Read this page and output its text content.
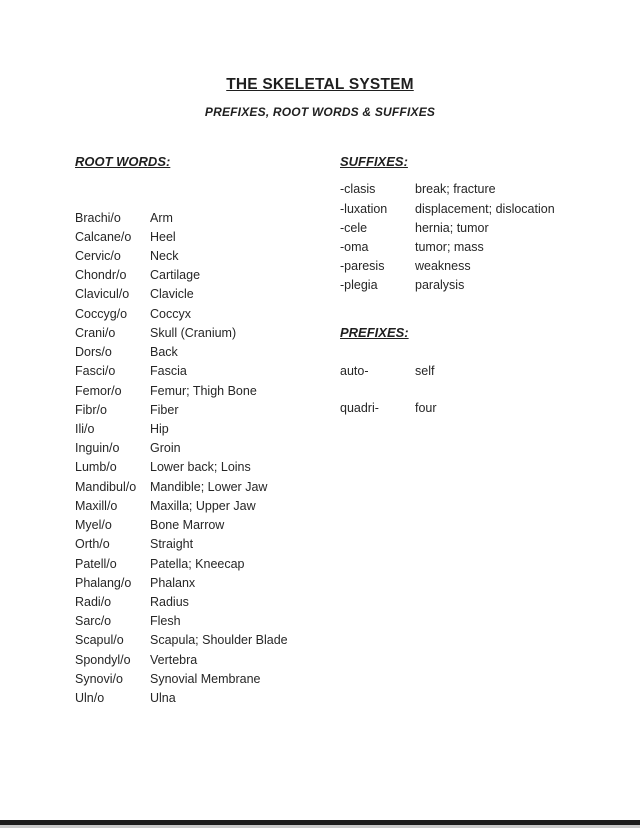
THE SKELETAL SYSTEM
PREFIXES, ROOT WORDS & SUFFIXES
ROOT WORDS:	SUFFIXES:
PREFIXES:
Brachi/o	Arm
Calcane/o	Heel
Cervic/o	Neck
Chondr/o	Cartilage
Clavicul/o	Clavicle
Coccyg/o	Coccyx
Crani/o	Skull (Cranium)
Dors/o	Back
Fasci/o	Fascia
Femor/o	Femur; Thigh Bone
Fibr/o	Fiber
Ili/o	Hip
Inguin/o	Groin
Lumb/o	Lower back; Loins
Mandibul/o	Mandible; Lower Jaw
Maxill/o	Maxilla; Upper Jaw
Myel/o	Bone Marrow
Orth/o	Straight
Patell/o	Patella; Kneecap
Phalang/o	Phalanx
Radi/o	Radius
Sarc/o	Flesh
Scapul/o	Scapula; Shoulder Blade
Spondyl/o	Vertebra
Synovi/o	Synovial Membrane
Uln/o	Ulna
-clasis	break; fracture
-luxation	displacement; dislocation
-cele	hernia; tumor
-oma	tumor; mass
-paresis	weakness
-plegia	paralysis
auto-	self
quadri-	four
